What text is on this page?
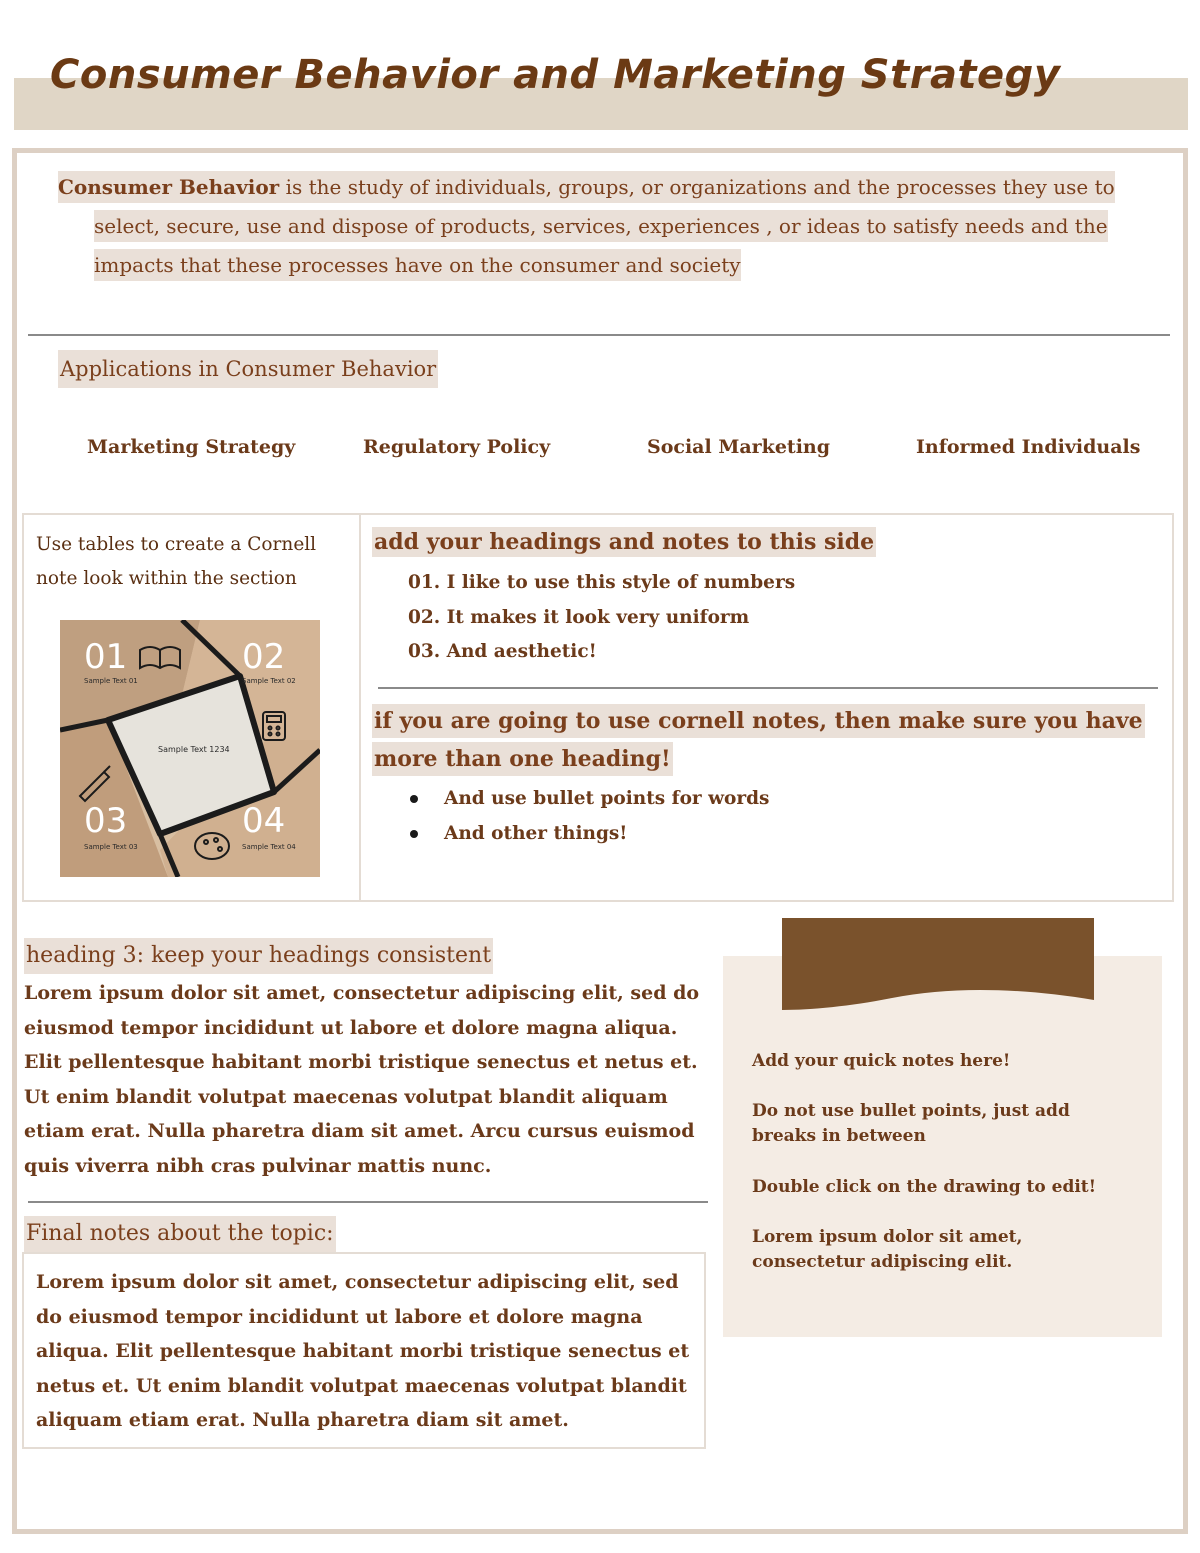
Consumer Behavior and Marketing Strategy
Consumer Behavior is the study of individuals, groups, or organizations and the processes they use to select, secure, use and dispose of products, services, experiences , or ideas to satisfy needs and the impacts that these processes have on the consumer and society
Applications in Consumer Behavior
Marketing Strategy	Regulatory Policy	Social Marketing	Informed Individuals
Use tables to create a Cornell note look within the section
01	02
03	04
Sample Text 01	Sample Text 02
Sample Text 03	Sample Text 04
Sample Text 1234
add your headings and notes to this side
01. I like to use this style of numbers
02. It makes it look very uniform
03. And aesthetic!
if you are going to use cornell notes, then make sure you have more than one heading!
And use bullet points for words
And other things!
heading 3: keep your headings consistent
Lorem ipsum dolor sit amet, consectetur adipiscing elit, sed do eiusmod tempor incididunt ut labore et dolore magna aliqua. Elit pellentesque habitant morbi tristique senectus et netus et. Ut enim blandit volutpat maecenas volutpat blandit aliquam etiam erat. Nulla pharetra diam sit amet. Arcu cursus euismod quis viverra nibh cras pulvinar mattis nunc.
Final notes about the topic:
Lorem ipsum dolor sit amet, consectetur adipiscing elit, sed do eiusmod tempor incididunt ut labore et dolore magna aliqua. Elit pellentesque habitant morbi tristique senectus et netus et. Ut enim blandit volutpat maecenas volutpat blandit aliquam etiam erat. Nulla pharetra diam sit amet.
Add your quick notes here!
Do not use bullet points, just add breaks in between
Double click on the drawing to edit!
Lorem ipsum dolor sit amet, consectetur adipiscing elit.
